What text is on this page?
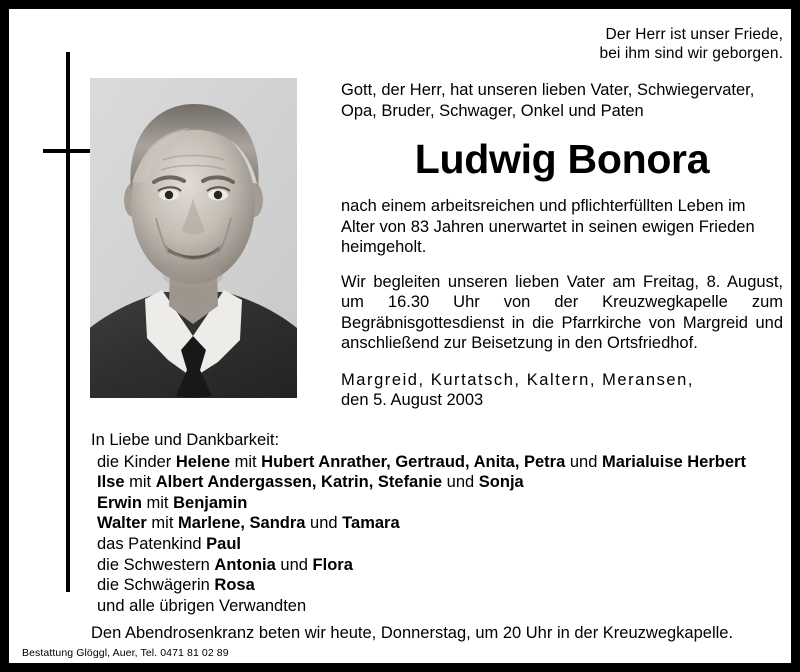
Der Herr ist unser Friede,
bei ihm sind wir geborgen.
Gott, der Herr, hat unseren lieben Vater, Schwiegervater, Opa, Bruder, Schwager, Onkel und Paten
Ludwig Bonora
nach einem arbeitsreichen und pflichterfüllten Leben im Alter von 83 Jahren unerwartet in seinen ewigen Frieden heimgeholt.
Wir begleiten unseren lieben Vater am Freitag, 8. August, um 16.30 Uhr von der Kreuzwegkapelle zum Begräbnisgottesdienst in die Pfarrkirche von Margreid und anschließend zur Beisetzung in den Ortsfriedhof.
Margreid, Kurtatsch, Kaltern, Meransen,
den 5. August 2003
In Liebe und Dankbarkeit:
die Kinder Helene mit Hubert Anrather, Gertraud, Anita, Petra und Marialuise Herbert
Ilse mit Albert Andergassen, Katrin, Stefanie und Sonja
Erwin mit Benjamin
Walter mit Marlene, Sandra und Tamara
das Patenkind Paul
die Schwestern Antonia und Flora
die Schwägerin Rosa
und alle übrigen Verwandten
Den Abendrosenkranz beten wir heute, Donnerstag, um 20 Uhr in der Kreuzwegkapelle.
Bestattung Glöggl, Auer, Tel. 0471 81 02 89
